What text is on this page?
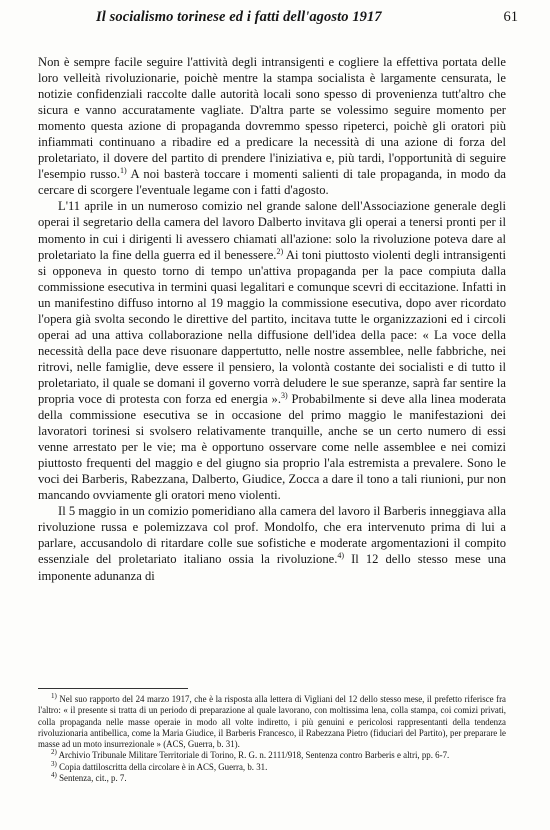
Il socialismo torinese ed i fatti dell'agosto 1917	61

Non è sempre facile seguire l'attività degli intransigenti e cogliere la effettiva portata delle loro velleità rivoluzionarie, poichè mentre la stampa socialista è largamente censurata, le notizie confidenziali raccolte dalle autorità locali sono spesso di provenienza tutt'altro che sicura e vanno accuratamente vagliate. D'altra parte se volessimo seguire momento per momento questa azione di propaganda dovremmo spesso ripeterci, poichè gli oratori più infiammati continuano a ribadire ed a predicare la necessità di una azione di forza del proletariato, il dovere del partito di prendere l'iniziativa e, più tardi, l'opportunità di seguire l'esempio russo.$^{1)}$ A noi basterà toccare i momenti salienti di tale propaganda, in modo da cercare di scorgere l'eventuale legame con i fatti d'agosto.

L'11 aprile in un numeroso comizio nel grande salone dell'Associazione generale degli operai il segretario della camera del lavoro Dalberto invitava gli operai a tenersi pronti per il momento in cui i dirigenti li avessero chiamati all'azione: solo la rivoluzione poteva dare al proletariato la fine della guerra ed il benessere.$^{2)}$ Ai toni piuttosto violenti degli intransigenti si opponeva in questo torno di tempo un'attiva propaganda per la pace compiuta dalla commissione esecutiva in termini quasi legalitari e comunque scevri di eccitazione. Infatti in un manifestino diffuso intorno al 19 maggio la commissione esecutiva, dopo aver ricordato l'opera già svolta secondo le direttive del partito, incitava tutte le organizzazioni ed i circoli operai ad una attiva collaborazione nella diffusione dell'idea della pace: « La voce della necessità della pace deve risuonare dappertutto, nelle nostre assemblee, nelle fabbriche, nei ritrovi, nelle famiglie, deve essere il pensiero, la volontà costante dei socialisti e di tutto il proletariato, il quale se domani il governo vorrà deludere le sue speranze, saprà far sentire la propria voce di protesta con forza ed energia ».$^{3)}$ Probabilmente si deve alla linea moderata della commissione esecutiva se in occasione del primo maggio le manifestazioni dei lavoratori torinesi si svolsero relativamente tranquille, anche se un certo numero di essi venne arrestato per le vie; ma è opportuno osservare come nelle assemblee e nei comizi piuttosto frequenti del maggio e del giugno sia proprio l'ala estremista a prevalere. Sono le voci dei Barberis, Rabezzana, Dalberto, Giudice, Zocca a dare il tono a tali riunioni, pur non mancando ovviamente gli oratori meno violenti.

Il 5 maggio in un comizio pomeridiano alla camera del lavoro il Barberis inneggiava alla rivoluzione russa e polemizzava col prof. Mondolfo, che era intervenuto prima di lui a parlare, accusandolo di ritardare colle sue sofistiche e moderate argomentazioni il compito essenziale del proletariato italiano ossia la rivoluzione.$^{4)}$ Il 12 dello stesso mese una imponente adunanza di

$^{1)}$ Nel suo rapporto del 24 marzo 1917, che è la risposta alla lettera di Vigliani del 12 dello stesso mese, il prefetto riferisce fra l'altro: « il presente si tratta di un periodo di preparazione al quale lavorano, con moltissima lena, colla stampa, coi comizi privati, colla propaganda nelle masse operaie in modo all volte indiretto, i più genuini e pericolosi rappresentanti della tendenza rivoluzionaria antibellica, come la Maria Giudice, il Barberis Francesco, il Rabezzana Pietro (fiduciari del Partito), per preparare le masse ad un moto insurrezionale » (ACS, Guerra, b. 31).

$^{2)}$ Archivio Tribunale Militare Territoriale di Torino, R. G. n. 2111/918, Sentenza contro Barberis e altri, pp. 6-7.

$^{3)}$ Copia dattiloscritta della circolare è in ACS, Guerra, b. 31.

$^{4)}$ Sentenza, cit., p. 7.
